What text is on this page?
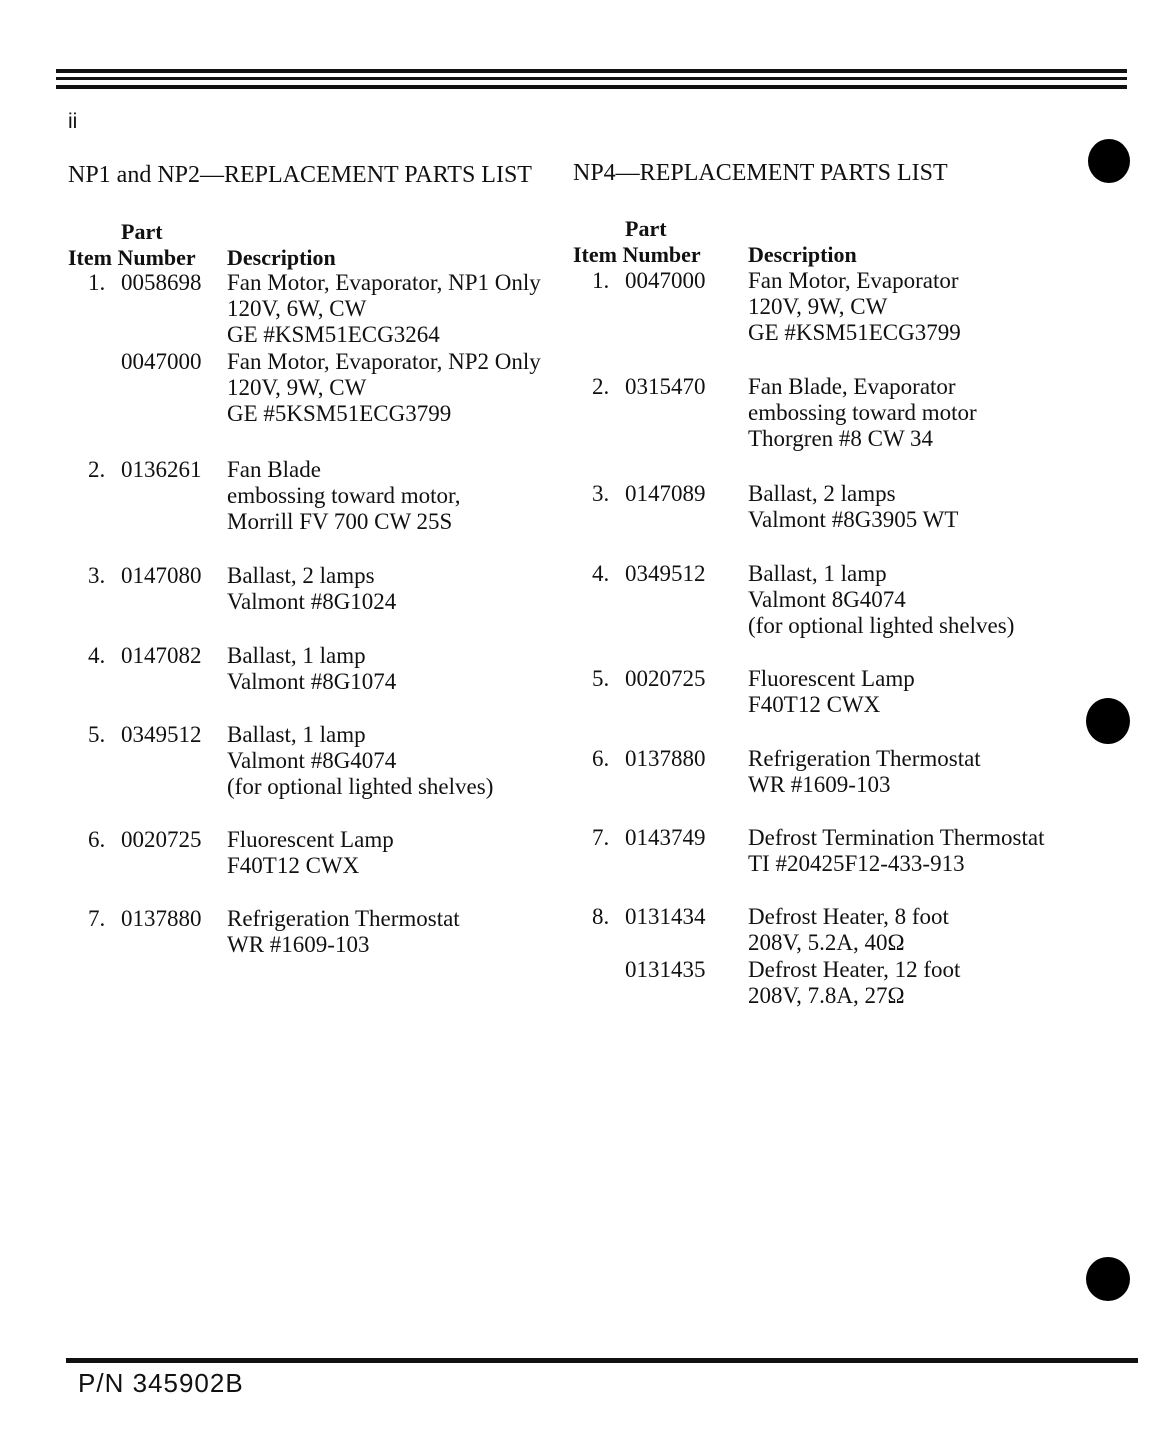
ii
NP1 and NP2—REPLACEMENT PARTS LIST NP4—REPLACEMENT PARTS LIST
Part
Item Number Description
Part
Item Number Description
1. 0058698 Fan Motor, Evaporator, NP1 Only
120V, 6W, CW
GE #KSM51ECG3264
0047000 Fan Motor, Evaporator, NP2 Only
120V, 9W, CW
GE #5KSM51ECG3799
2. 0136261 Fan Blade
embossing toward motor,
Morrill FV 700 CW 25S
3. 0147080 Ballast, 2 lamps
Valmont #8G1024
4. 0147082 Ballast, 1 lamp
Valmont #8G1074
5. 0349512 Ballast, 1 lamp
Valmont #8G4074
(for optional lighted shelves)
6. 0020725 Fluorescent Lamp
F40T12 CWX
7. 0137880 Refrigeration Thermostat
WR #1609-103
1. 0047000 Fan Motor, Evaporator
120V, 9W, CW
GE #KSM51ECG3799
2. 0315470 Fan Blade, Evaporator
embossing toward motor
Thorgren #8 CW 34
3. 0147089 Ballast, 2 lamps
Valmont #8G3905 WT
4. 0349512 Ballast, 1 lamp
Valmont 8G4074
(for optional lighted shelves)
5. 0020725 Fluorescent Lamp
F40T12 CWX
6. 0137880 Refrigeration Thermostat
WR #1609-103
7. 0143749 Defrost Termination Thermostat
TI #20425F12-433-913
8. 0131434 Defrost Heater, 8 foot
208V, 5.2A, 40Ω
0131435 Defrost Heater, 12 foot
208V, 7.8A, 27Ω
P/N 345902B
